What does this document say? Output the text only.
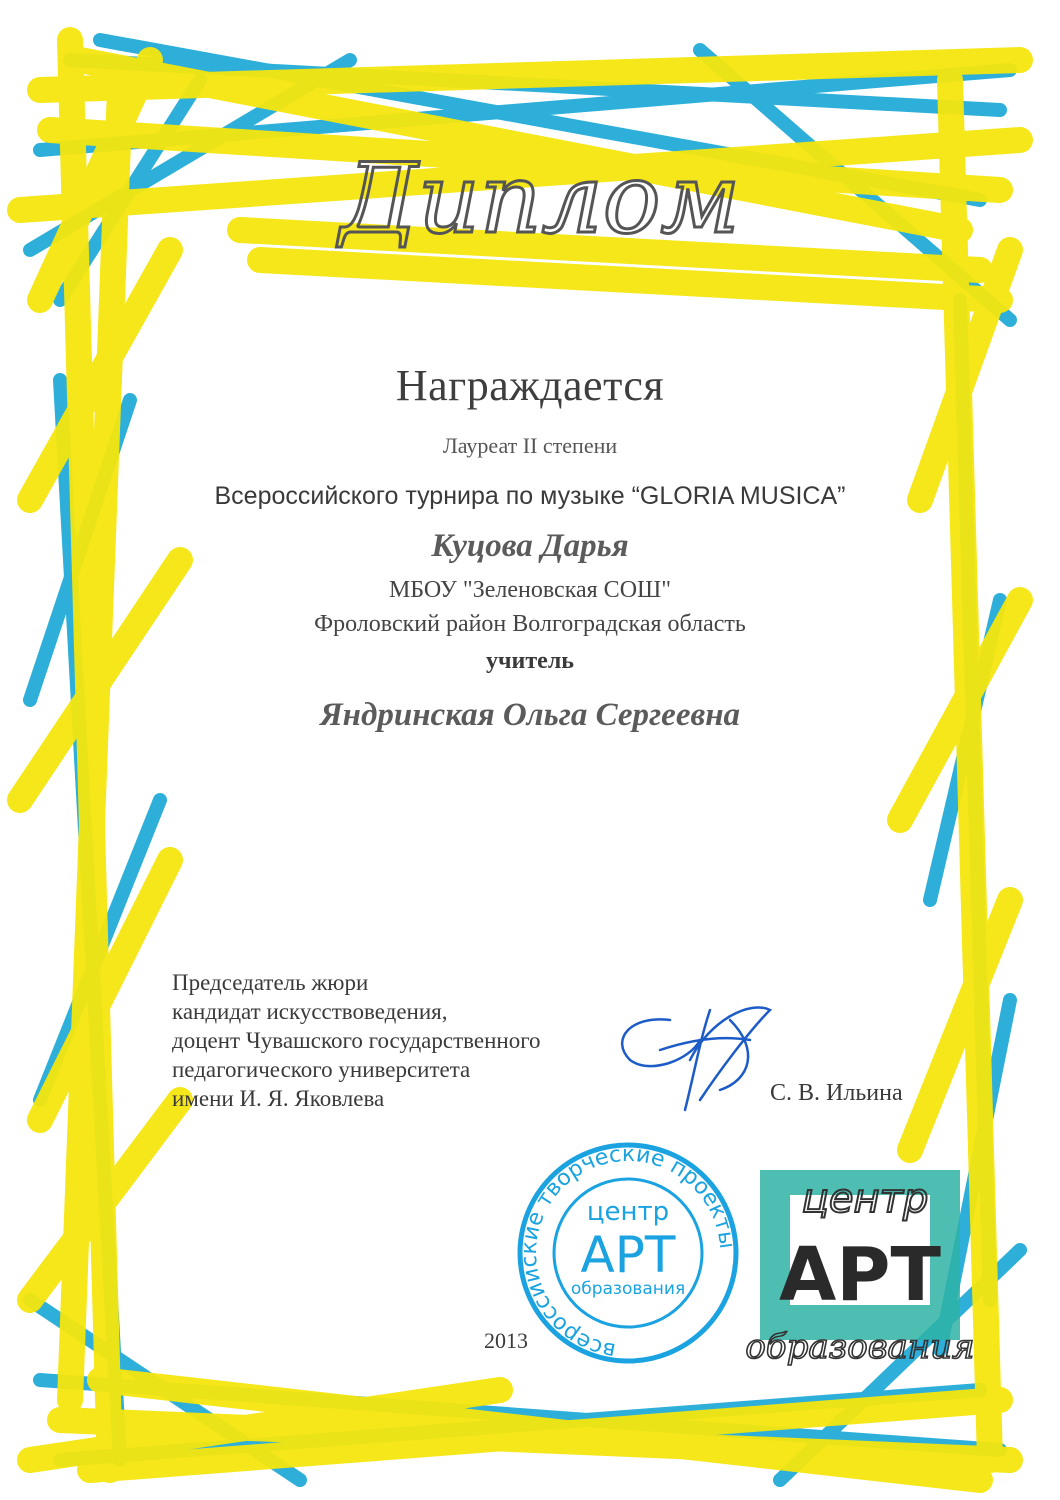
Диплом
Награждается
Лауреат II степени
Всероссийского турнира по музыке “GLORIA MUSICA”
Куцова Дарья
МБОУ "Зеленовская СОШ"
Фроловский район Волгоградская область
учитель
Яндринская Ольга Сергеевна
Председатель жюри
кандидат искусствоведения,
доцент Чувашского государственного
педагогического университета
имени И. Я. Яковлева	С. В. Ильина
2013	всероссийские творческие проекты
центр
АРТ
образования
центр
АРТ
образования
